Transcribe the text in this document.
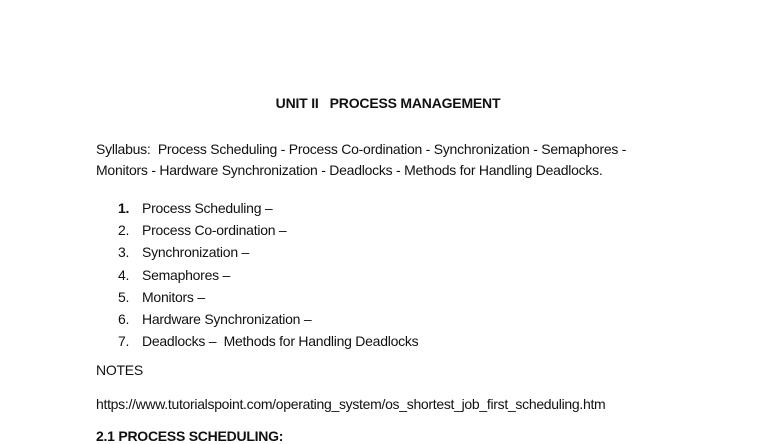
UNIT II   PROCESS MANAGEMENT
Syllabus:  Process Scheduling - Process Co-ordination - Synchronization - Semaphores -
Monitors - Hardware Synchronization - Deadlocks - Methods for Handling Deadlocks.
1. Process Scheduling –
2. Process Co-ordination –
3. Synchronization –
4. Semaphores –
5. Monitors –
6. Hardware Synchronization –
7. Deadlocks –  Methods for Handling Deadlocks
NOTES
https://www.tutorialspoint.com/operating_system/os_shortest_job_first_scheduling.htm
2.1 PROCESS SCHEDULING:
